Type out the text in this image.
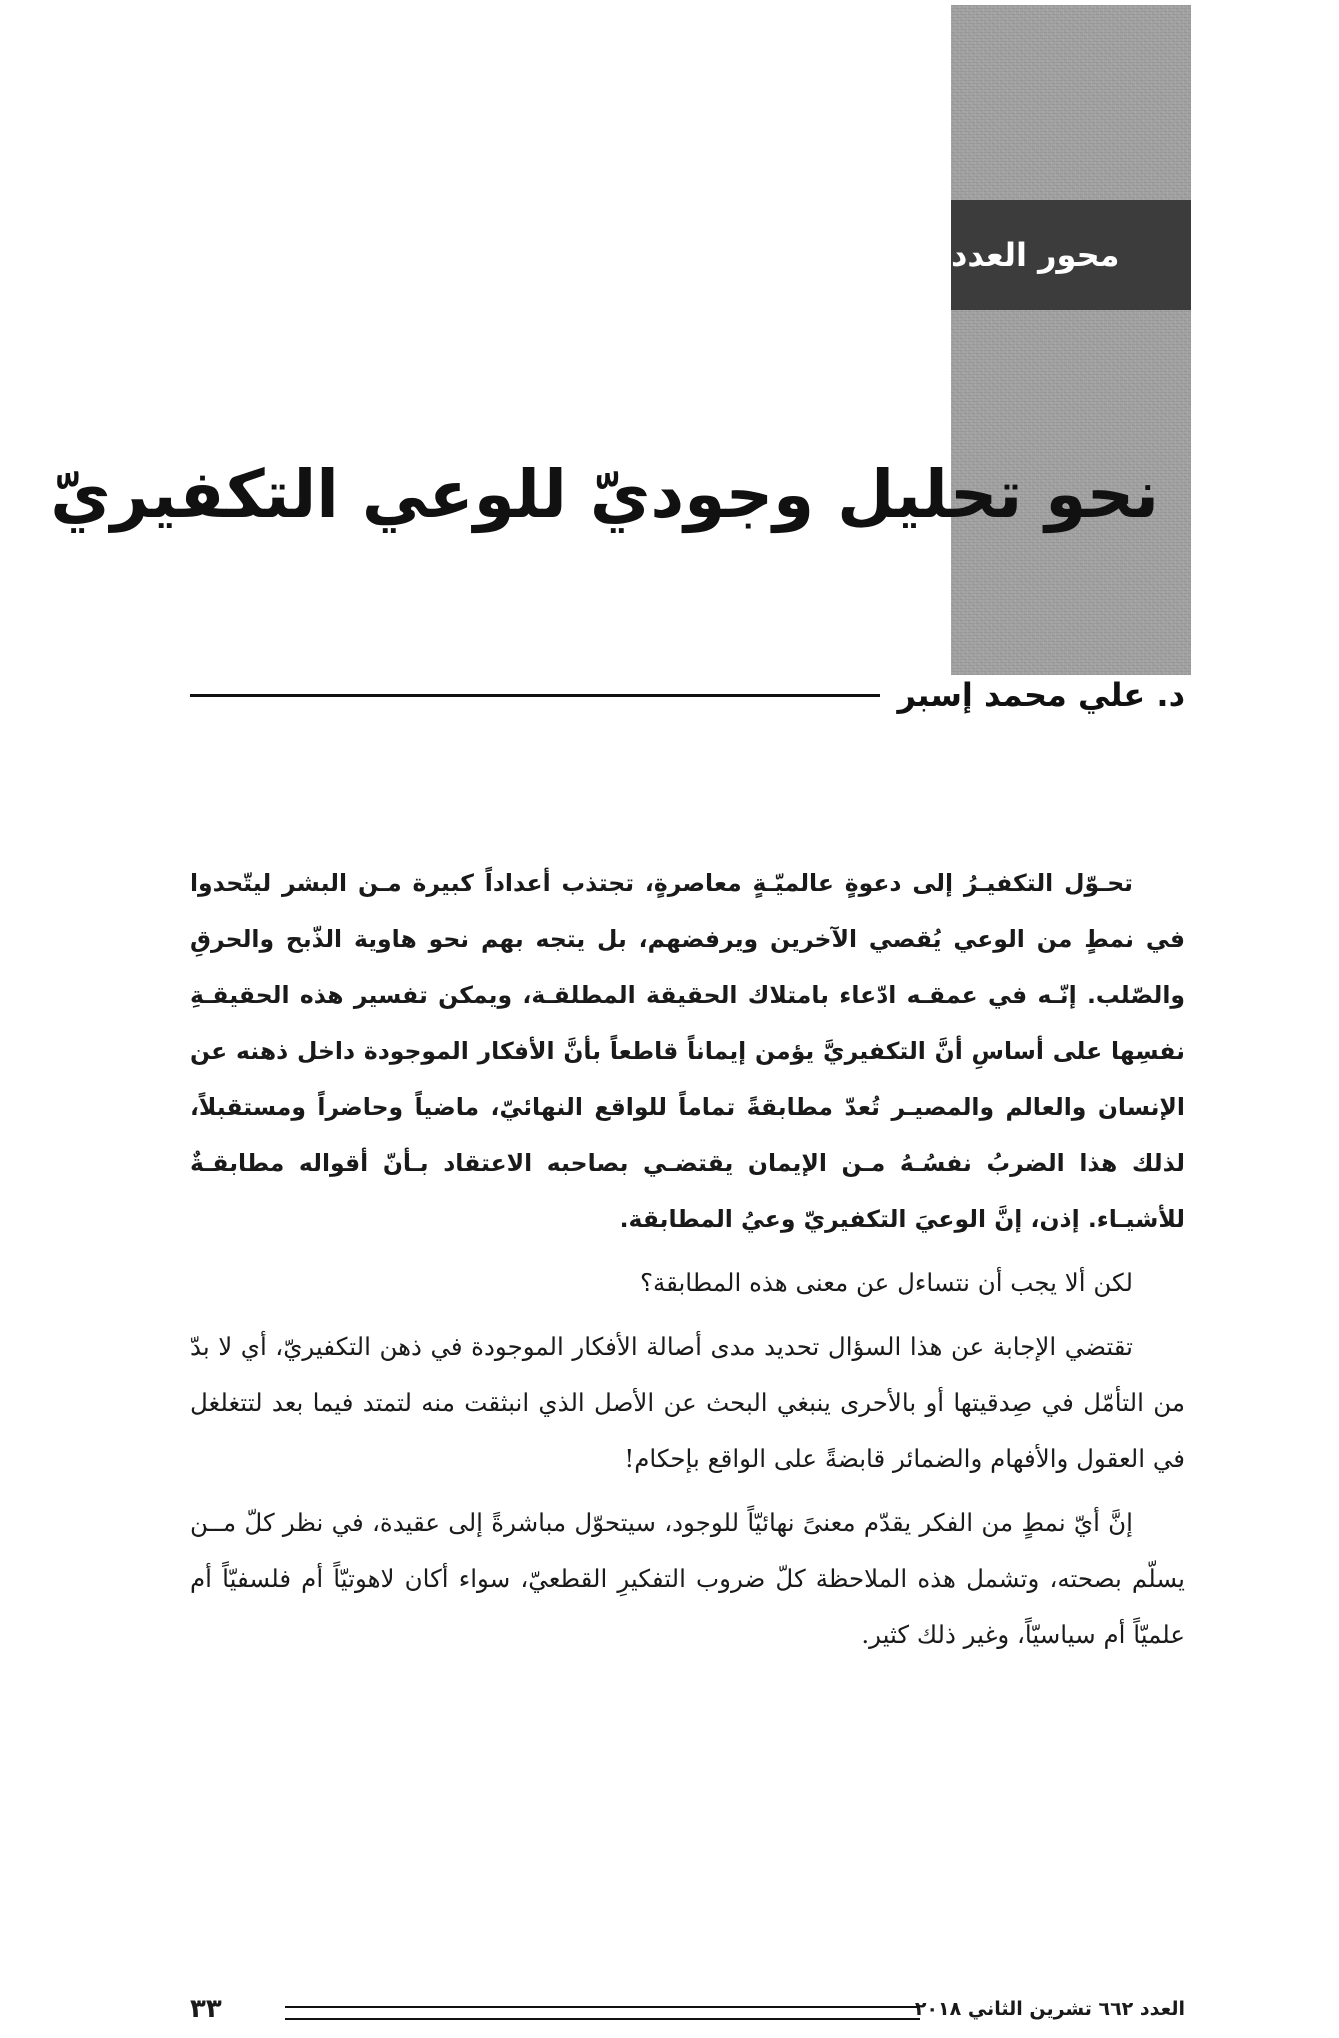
محور العدد
نحو تحليل وجوديّ للوعي التكفيريّ

د. علي محمد إسبر

تحـوّل التكفيـرُ إلى دعوةٍ عالميّـةٍ معاصرةٍ، تجتذب أعداداً كبيرة مـن البشر ليتّحدوا في نمطٍ من الوعي يُقصي الآخرين ويرفضهم، بل يتجه بهم نحو هاوية الذّبح والحرقِ والصّلب. إنّـه في عمقـه ادّعاء بامتلاك الحقيقة المطلقـة، ويمكن تفسير هذه الحقيقـةِ نفسِها على أساسِ أنَّ التكفيريَّ يؤمن إيماناً قاطعاً بأنَّ الأفكار الموجودة داخل ذهنه عن الإنسان والعالم والمصيـر تُعدّ مطابقةً تماماً للواقع النهائيّ، ماضياً وحاضراً ومستقبلاً، لذلك هذا الضربُ نفسُـهُ مـن الإيمان يقتضـي بصاحبه الاعتقاد بـأنّ أقواله مطابقـةٌ للأشيـاء. إذن، إنَّ الوعيَ التكفيريّ وعيُ المطابقة.

لكن ألا يجب أن نتساءل عن معنى هذه المطابقة؟

تقتضي الإجابة عن هذا السؤال تحديد مدى أصالة الأفكار الموجودة في ذهن التكفيريّ، أي لا بدّ من التأمّل في صِدقيتها أو بالأحرى ينبغي البحث عن الأصل الذي انبثقت منه لتمتد فيما بعد لتتغلغل في العقول والأفهام والضمائر قابضةً على الواقع بإحكام!

إنَّ أيّ نمطٍ من الفكر يقدّم معنىً نهائيّاً للوجود، سيتحوّل مباشرةً إلى عقيدة، في نظر كلّ مــن يسلّم بصحته، وتشمل هذه الملاحظة كلّ ضروب التفكيرِ القطعيّ، سواء أكان لاهوتيّاً أم فلسفيّاً أم علميّاً أم سياسيّاً، وغير ذلك كثير.

العدد ٦٦٢ تشرين الثاني ٢٠١٨

٣٣
